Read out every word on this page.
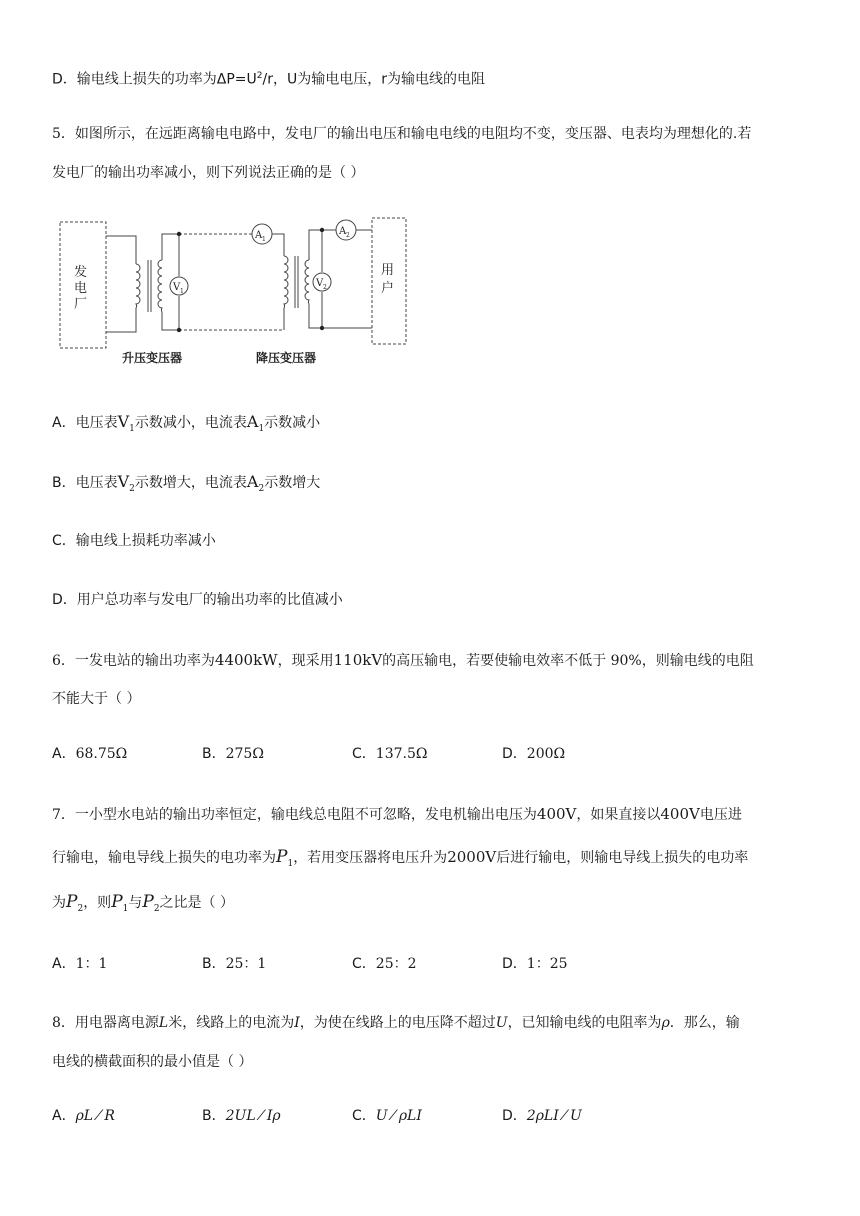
D．输电线上损失的功率为$\Delta P=U^2/r$，U为输电电压，r为输电线的电阻
5．如图所示，在远距离输电电路中，发电厂的输出电压和输电电线的电阻均不变，变压器、电表均为理想化的.若
发电厂的输出功率减小，则下列说法正确的是（ ）
发
电
厂
用
户
V 1
V 2
A 1
A 2
升压变压器	降压变压器
A．电压表$V_1$示数减小，电流表$A_1$示数减小
B．电压表$V_2$示数增大，电流表$A_2$示数增大
C．输电线上损耗功率减小
D．用户总功率与发电厂的输出功率的比值减小
6．一发电站的输出功率为4400kW，现采用110kV的高压输电，若要使输电效率不低于 90%，则输电线的电阻
不能大于（ ）
A．68.75Ω	B．275Ω	C．137.5Ω	D．200Ω
7．一小型水电站的输出功率恒定，输电线总电阻不可忽略，发电机输出电压为400V，如果直接以400V电压进
行输电，输电导线上损失的电功率为$P_1$，若用变压器将电压升为2000V后进行输电，则输电导线上损失的电功率
为$P_2$，则$P_1$与$P_2$之比是（ ）
A．1：1	B．25：1	C．25：2	D．1：25
8．用电器离电源L米，线路上的电流为I，为使在线路上的电压降不超过U，已知输电线的电阻率为ρ．那么，输
电线的横截面积的最小值是（ ）
A．ρL ⁄ R	B．2UL ⁄ Iρ	C．U ⁄ ρLI	D．2ρLI ⁄ U
